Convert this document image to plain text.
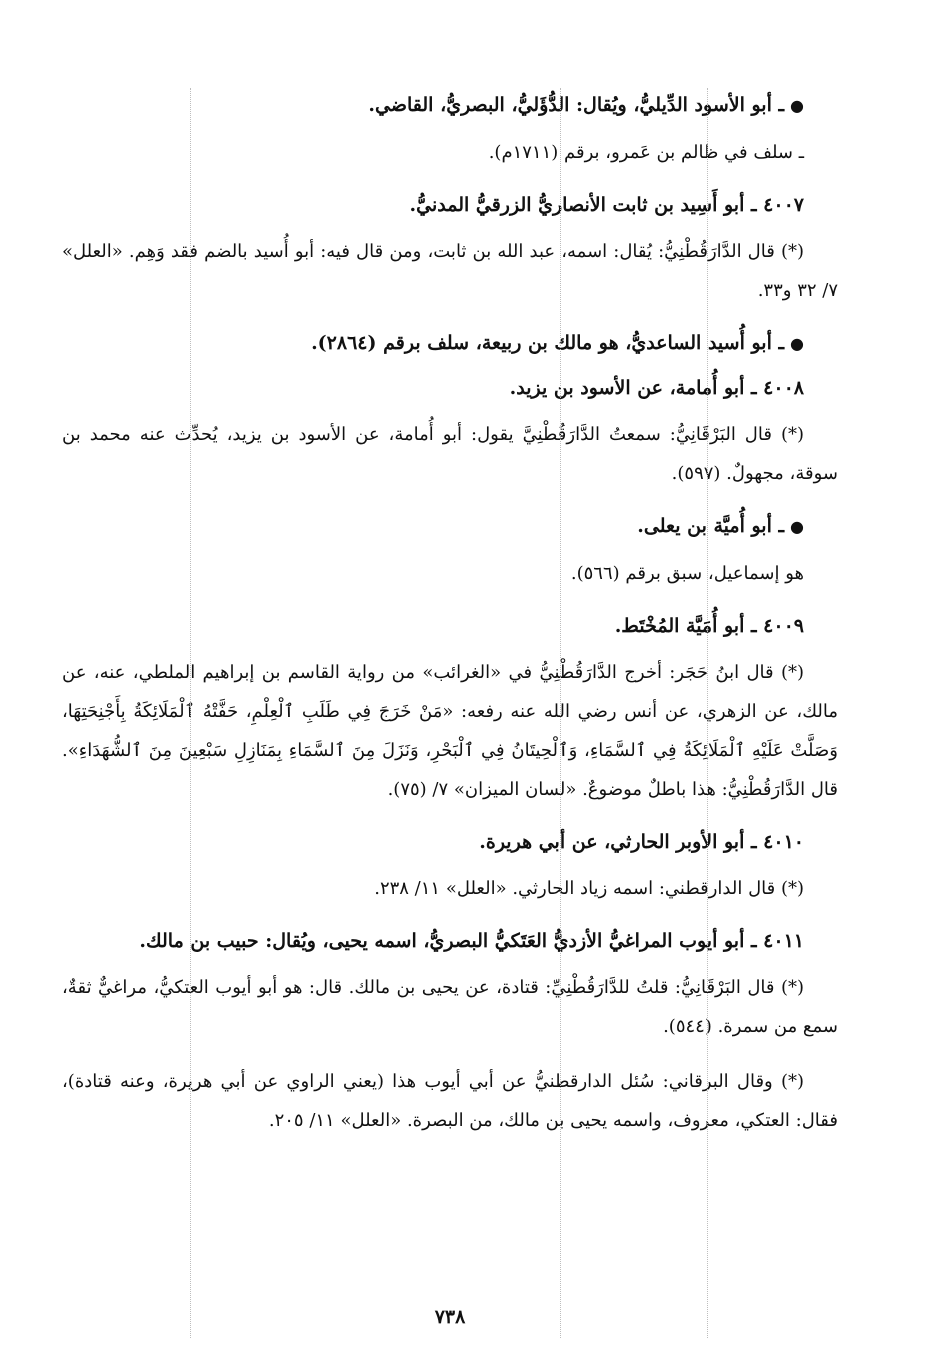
●ـ أبو الأسود الدِّيليُّ، ويُقال: الدُّؤَليُّ، البصريُّ، القاضي.
ـ سلف في ظالم بن عَمرو، برقم (١٧١١م).
٤٠٠٧ ـ أبو أَسِيد بن ثابت الأنصاريُّ الزرقيُّ المدنيُّ.
(*) قال الدَّارَقُطْنِيُّ: يُقال: اسمه، عبد الله بن ثابت، ومن قال فيه: أبو أُسيد بالضم فقد وَهِم. «العلل» ٧/ ٣٢ و٣٣.
●ـ أبو أُسيد الساعديُّ، هو مالك بن ربيعة، سلف برقم (٢٨٦٤).
٤٠٠٨ ـ أبو أُمامة، عن الأسود بن يزيد.
(*) قال البَرْقَانِيُّ: سمعتُ الدَّارَقُطْنِيَّ يقول: أبو أُمامة، عن الأسود بن يزيد، يُحدِّث عنه محمد بن سوقة، مجهولٌ. (٥٩٧).
●ـ أبو أُميَّة بن يعلى.
هو إسماعيل، سبق برقم (٥٦٦).
٤٠٠٩ ـ أبو أُمَيَّة المُخْتَط.
(*) قال ابنُ حَجَر: أخرج الدَّارَقُطْنِيُّ في «الغرائب» من رواية القاسم بن إبراهيم الملطي، عنه، عن مالك، عن الزهري، عن أنس رضي الله عنه رفعه: «مَنْ خَرَجَ فِي طَلَبِ ٱلْعِلْمِ، حَفَّتْهُ ٱلْمَلَائِكَةُ بِأَجْنِحَتِهَا، وَصَلَّتْ عَلَيْهِ ٱلْمَلَائِكَةُ فِي ٱلسَّمَاءِ، وَٱلْحِيتَانُ فِي ٱلْبَحْرِ، وَنَزَلَ مِنَ ٱلسَّمَاءِ بِمَنَازِلِ سَبْعِينَ مِنَ ٱلشُّهَدَاءِ». قال الدَّارَقُطْنِيُّ: هذا باطلٌ موضوعٌ. «لسان الميزان» ٧/ (٧٥).
٤٠١٠ ـ أبو الأوبر الحارثي، عن أبي هريرة.
(*) قال الدارقطني: اسمه زياد الحارثي. «العلل» ١١/ ٢٣٨.
٤٠١١ ـ أبو أيوب المراغيُّ الأزديُّ العَتَكيُّ البصريُّ، اسمه يحيى، ويُقال: حبيب بن مالك.
(*) قال البَرْقَانِيُّ: قلتُ للدَّارَقُطْنِيِّ: قتادة، عن يحيى بن مالك. قال: هو أبو أيوب العتكيُّ، مراغيٌّ ثقةٌ، سمع من سمرة. (٥٤٤).
(*) وقال البرقاني: سُئل الدارقطنيُّ عن أبي أيوب هذا (يعني الراوي عن أبي هريرة، وعنه قتادة)، فقال: العتكي، معروف، واسمه يحيى بن مالك، من البصرة. «العلل» ١١/ ٢٠٥.
٧٣٨
